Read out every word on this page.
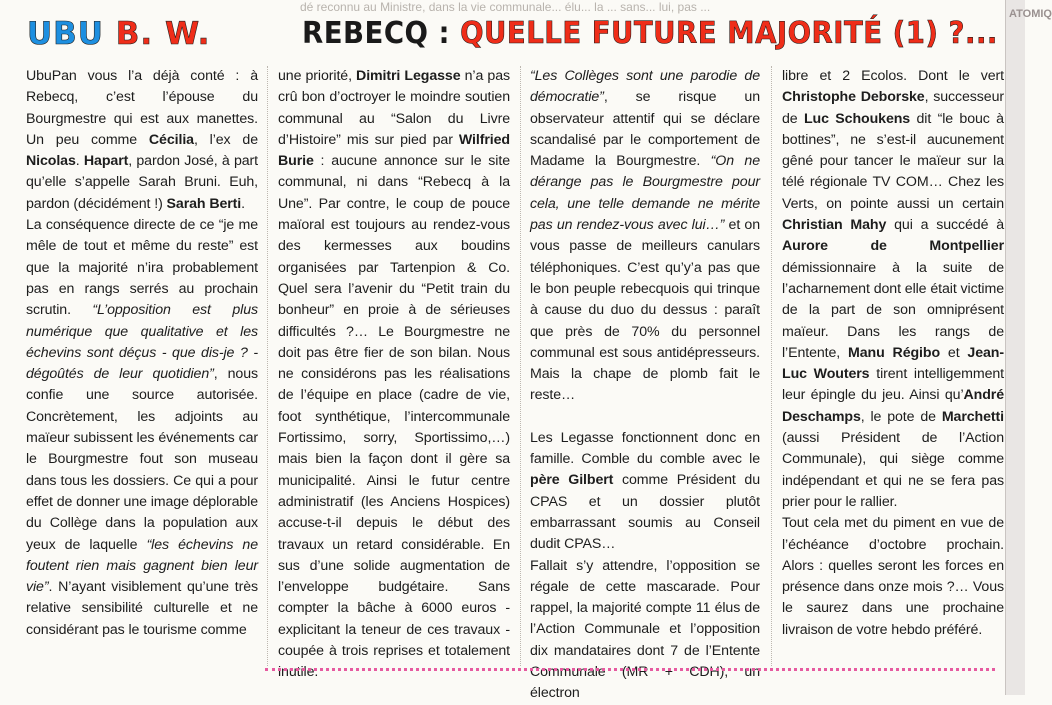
dé reconnu au Ministre, dans la vie communale... élu... la ... sans... lui, pas ...
UBU B. W.	REBECQ : QUELLE FUTURE MAJORITÉ (1) ?...

UbuPan vous l’a déjà conté : à Rebecq, c’est l’épouse du Bourgmestre qui est aux manettes. Un peu comme Cécilia, l’ex de Nicolas. Hapart, pardon José, à part qu’elle s’appelle Sarah Bruni. Euh, pardon (décidément !) Sarah Berti.

La conséquence directe de ce “je me mêle de tout et même du reste” est que la majorité n’ira probablement pas en rangs serrés au prochain scrutin. “L’opposition est plus numérique que qualitative et les échevins sont déçus - que dis-je ? - dégoûtés de leur quotidien”, nous confie une source autorisée. Concrètement, les adjoints au maïeur subissent les événements car le Bourgmestre fout son museau dans tous les dossiers. Ce qui a pour effet de donner une image déplorable du Collège dans la population aux yeux de laquelle “les échevins ne foutent rien mais gagnent bien leur vie”. N’ayant visiblement qu’une très relative sensibilité culturelle et ne considérant pas le tourisme comme

une priorité, Dimitri Legasse n’a pas crû bon d’octroyer le moindre soutien communal au “Salon du Livre d’Histoire” mis sur pied par Wilfried Burie : aucune annonce sur le site communal, ni dans “Rebecq à la Une”. Par contre, le coup de pouce maïoral est toujours au rendez-vous des kermesses aux boudins organisées par Tartenpion & Co. Quel sera l’avenir du “Petit train du bonheur” en proie à de sérieuses difficultés ?… Le Bourgmestre ne doit pas être fier de son bilan. Nous ne considérons pas les réalisations de l’équipe en place (cadre de vie, foot synthétique, l’intercommunale Fortissimo, sorry, Sportissimo,…) mais bien la façon dont il gère sa municipalité. Ainsi le futur centre administratif (les Anciens Hospices) accuse-t-il depuis le début des travaux un retard considérable. En sus d’une solide augmentation de l’enveloppe budgétaire. Sans compter la bâche à 6000 euros - explicitant la teneur de ces travaux - coupée à trois reprises et totalement inutile.

“Les Collèges sont une parodie de démocratie”, se risque un observateur attentif qui se déclare scandalisé par le comportement de Madame la Bourgmestre. “On ne dérange pas le Bourgmestre pour cela, une telle demande ne mérite pas un rendez-vous avec lui…” et on vous passe de meilleurs canulars téléphoniques. C’est qu’y’a pas que le bon peuple rebecquois qui trinque à cause du duo du dessus : paraît que près de 70% du personnel communal est sous antidépresseurs. Mais la chape de plomb fait le reste…

Les Legasse fonctionnent donc en famille. Comble du comble avec le père Gilbert comme Président du CPAS et un dossier plutôt embarrassant soumis au Conseil dudit CPAS…

Fallait s’y attendre, l’opposition se régale de cette mascarade. Pour rappel, la majorité compte 11 élus de l’Action Communale et l’opposition dix mandataires dont 7 de l’Entente Communale (MR + CDH), un électron

libre et 2 Ecolos. Dont le vert Christophe Deborske, successeur de Luc Schoukens dit “le bouc à bottines”, ne s’est-il aucunement gêné pour tancer le maïeur sur la télé régionale TV COM… Chez les Verts, on pointe aussi un certain Christian Mahy qui a succédé à Aurore de Montpellier démissionnaire à la suite de l’acharnement dont elle était victime de la part de son omniprésent maïeur. Dans les rangs de l’Entente, Manu Régibo et Jean-Luc Wouters tirent intelligemment leur épingle du jeu. Ainsi qu’André Deschamps, le pote de Marchetti (aussi Président de l’Action Communale), qui siège comme indépendant et qui ne se fera pas prier pour le rallier.

Tout cela met du piment en vue de l’échéance d’octobre prochain. Alors : quelles seront les forces en présence dans onze mois ?… Vous le saurez dans une prochaine livraison de votre hebdo préféré.

ATOMIQ
